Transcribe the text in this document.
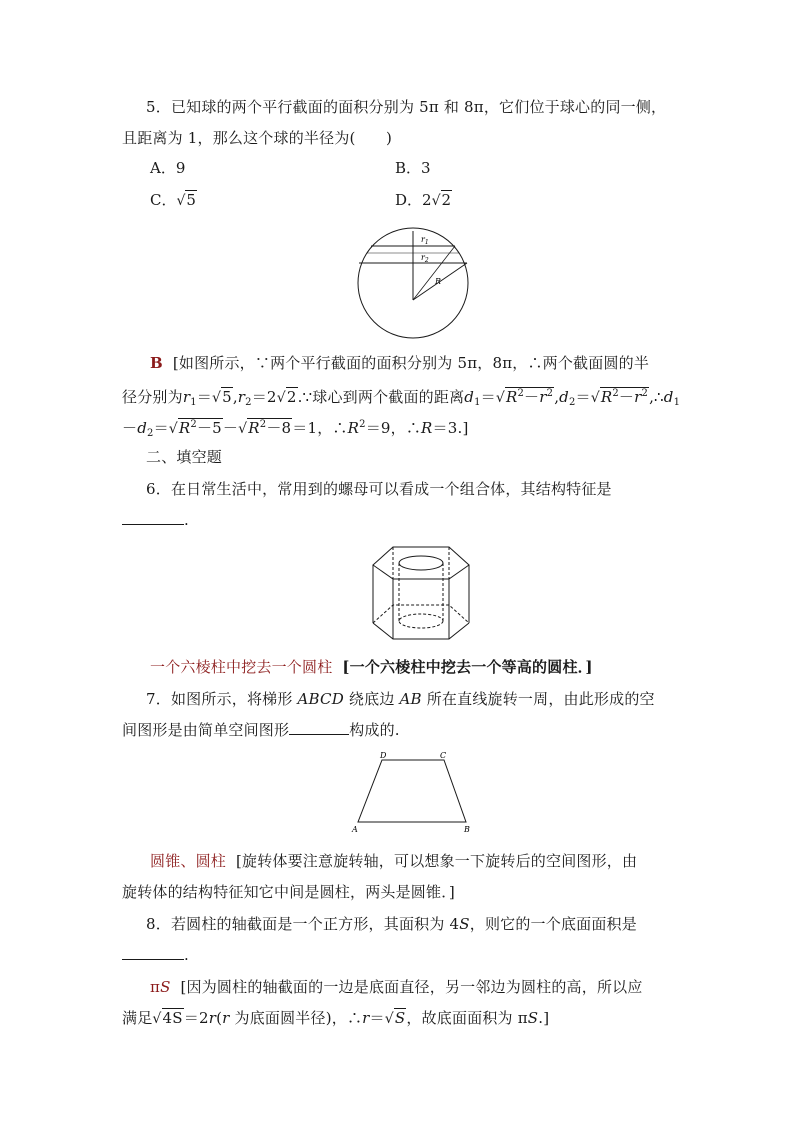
5．已知球的两个平行截面的面积分别为 5π 和 8π，它们位于球心的同一侧，
且距离为 1，那么这个球的半径为(　　)
A．9	B．3
C．√5	D．2√2
$r_1$
$r_2$
R
B [如图所示，∵两个平行截面的面积分别为 5π，8π，∴两个截面圆的半
径分别为$r_1=√5,r_2=2√2.\because$球心到两个截面的距离$d_1=√R^2-r^2,d_2=√R^2-r^2,\therefore d_1$
$-d_2=√R^2-5-√R^2-8=1$，$\therefore R^2=9$，∴R＝3.]
二、填空题
6．在日常生活中，常用到的螺母可以看成一个组合体，其结构特征是
.
一个六棱柱中挖去一个圆柱 [一个六棱柱中挖去一个等高的圆柱．]
7．如图所示，将梯形 ABCD 绕底边 AB 所在直线旋转一周，由此形成的空
间图形是由简单空间图形	构成的.
D	C
A	B
圆锥、圆柱 [旋转体要注意旋转轴，可以想象一下旋转后的空间图形，由
旋转体的结构特征知它中间是圆柱，两头是圆锥．]
8．若圆柱的轴截面是一个正方形，其面积为 4S，则它的一个底面面积是
.
πS [因为圆柱的轴截面的一边是底面直径，另一邻边为圆柱的高，所以应
满足√4S＝2r(r 为底面圆半径)，∴r＝√S，故底面面积为 πS.]
